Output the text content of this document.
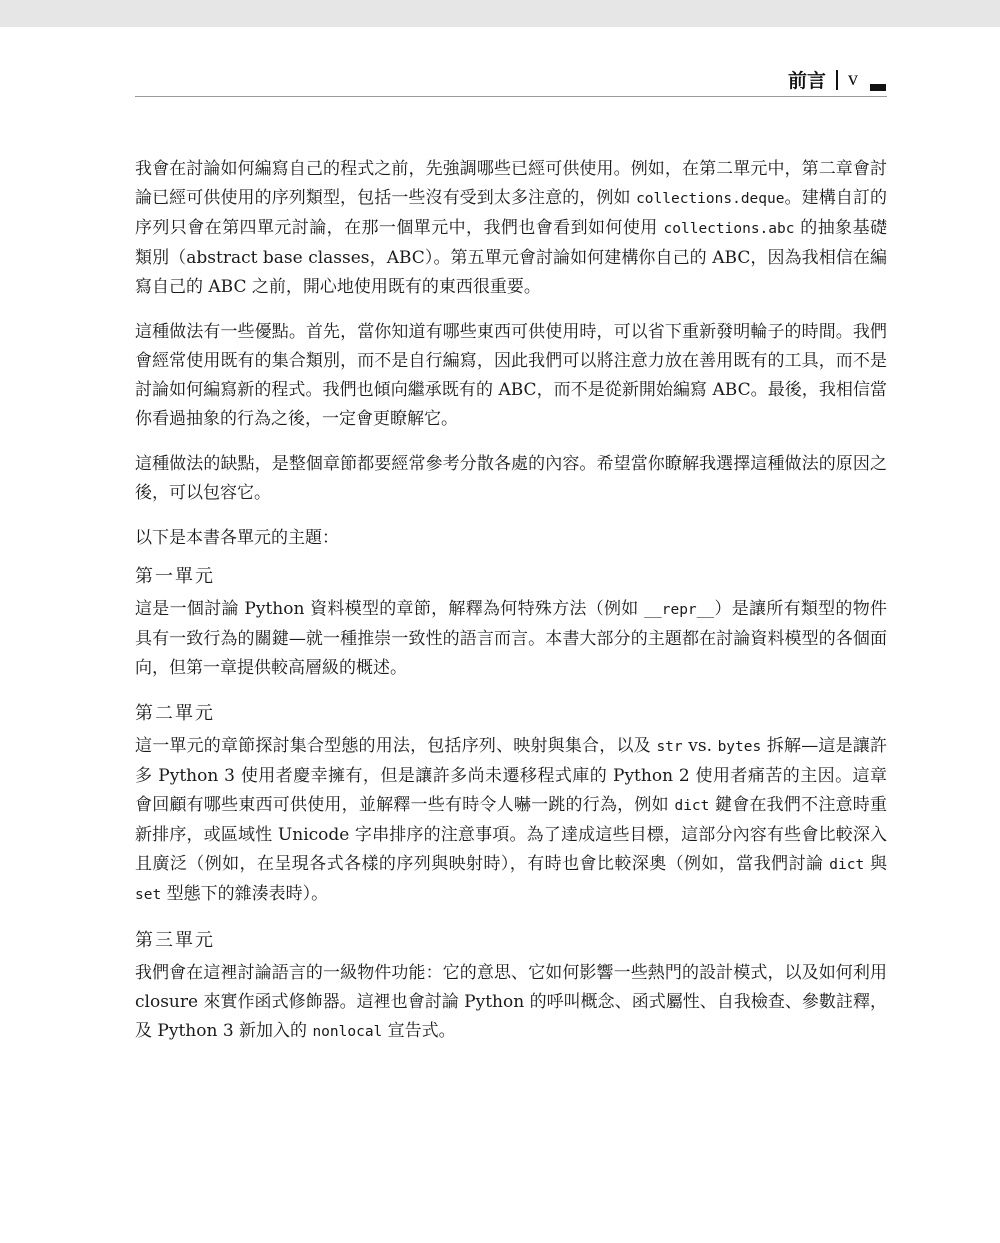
前言 v

我會在討論如何編寫自己的程式之前，先強調哪些已經可供使用。例如，在第二單元中，第二章會討論已經可供使用的序列類型，包括一些沒有受到太多注意的，例如 collections.deque。建構自訂的序列只會在第四單元討論，在那一個單元中，我們也會看到如何使用 collections.abc 的抽象基礎類別（abstract base classes，ABC）。第五單元會討論如何建構你自己的 ABC，因為我相信在編寫自己的 ABC 之前，開心地使用既有的東西很重要。

這種做法有一些優點。首先，當你知道有哪些東西可供使用時，可以省下重新發明輪子的時間。我們會經常使用既有的集合類別，而不是自行編寫，因此我們可以將注意力放在善用既有的工具，而不是討論如何編寫新的程式。我們也傾向繼承既有的 ABC，而不是從新開始編寫 ABC。最後，我相信當你看過抽象的行為之後，一定會更瞭解它。

這種做法的缺點，是整個章節都要經常參考分散各處的內容。希望當你瞭解我選擇這種做法的原因之後，可以包容它。

以下是本書各單元的主題：

第一單元

這是一個討論 Python 資料模型的章節，解釋為何特殊方法（例如 __repr__）是讓所有類型的物件具有一致行為的關鍵—就一種推崇一致性的語言而言。本書大部分的主題都在討論資料模型的各個面向，但第一章提供較高層級的概述。

第二單元

這一單元的章節探討集合型態的用法，包括序列、映射與集合，以及 str vs. bytes 拆解—這是讓許多 Python 3 使用者慶幸擁有，但是讓許多尚未遷移程式庫的 Python 2 使用者痛苦的主因。這章會回顧有哪些東西可供使用，並解釋一些有時令人嚇一跳的行為，例如 dict 鍵會在我們不注意時重新排序，或區域性 Unicode 字串排序的注意事項。為了達成這些目標，這部分內容有些會比較深入且廣泛（例如，在呈現各式各樣的序列與映射時），有時也會比較深奧（例如，當我們討論 dict 與 set 型態下的雜湊表時）。

第三單元

我們會在這裡討論語言的一級物件功能：它的意思、它如何影響一些熱門的設計模式，以及如何利用 closure 來實作函式修飾器。這裡也會討論 Python 的呼叫概念、函式屬性、自我檢查、參數註釋，及 Python 3 新加入的 nonlocal 宣告式。
